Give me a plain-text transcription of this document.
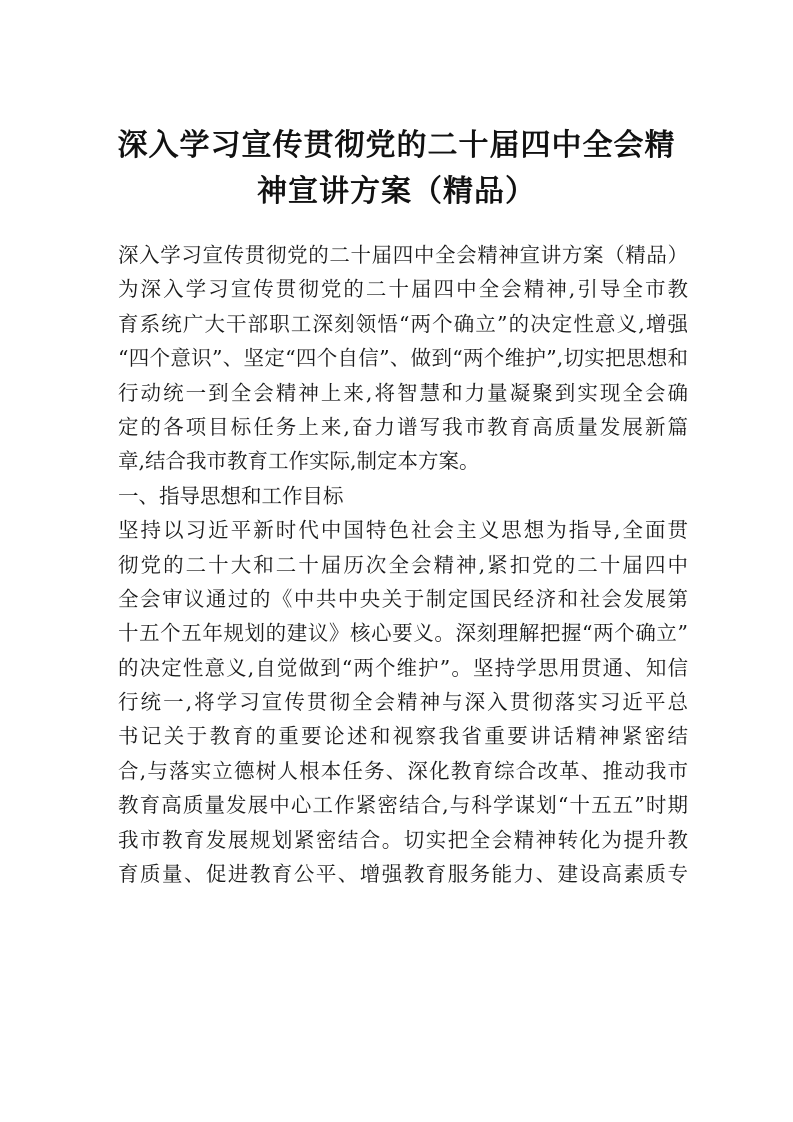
深入学习宣传贯彻党的二十届四中全会精
神宣讲方案（精品）
深入学习宣传贯彻党的二十届四中全会精神宣讲方案（精品）
为深入学习宣传贯彻党的二十届四中全会精神,引导全市教
育系统广大干部职工深刻领悟“两个确立”的决定性意义,增强
“四个意识”、坚定“四个自信”、做到“两个维护”,切实把思想和
行动统一到全会精神上来,将智慧和力量凝聚到实现全会确
定的各项目标任务上来,奋力谱写我市教育高质量发展新篇
章,结合我市教育工作实际,制定本方案。
一、指导思想和工作目标
坚持以习近平新时代中国特色社会主义思想为指导,全面贯
彻党的二十大和二十届历次全会精神,紧扣党的二十届四中
全会审议通过的《中共中央关于制定国民经济和社会发展第
十五个五年规划的建议》核心要义。深刻理解把握“两个确立”
的决定性意义,自觉做到“两个维护”。坚持学思用贯通、知信
行统一,将学习宣传贯彻全会精神与深入贯彻落实习近平总
书记关于教育的重要论述和视察我省重要讲话精神紧密结
合,与落实立德树人根本任务、深化教育综合改革、推动我市
教育高质量发展中心工作紧密结合,与科学谋划“十五五”时期
我市教育发展规划紧密结合。切实把全会精神转化为提升教
育质量、促进教育公平、增强教育服务能力、建设高素质专
